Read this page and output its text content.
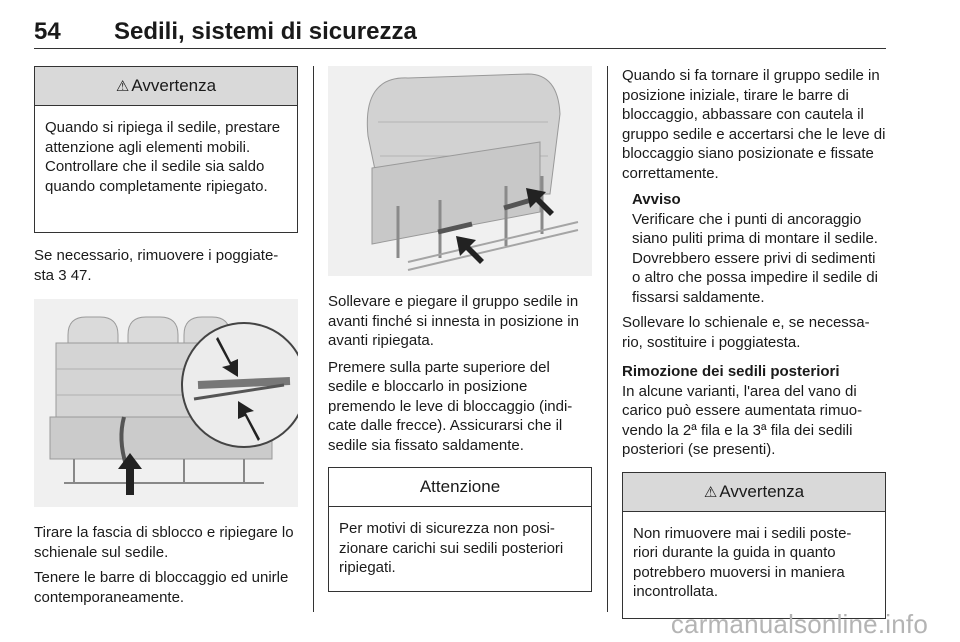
54 Sedili, sistemi di sicurezza
⚠ Avvertenza
Quando si ripiega il sedile, prestare attenzione agli elementi mobili. Controllare che il sedile sia saldo quando completamente ripiegato.

Se necessario, rimuovere i poggiate-sta 3 47.

Tirare la fascia di sblocco e ripiegare lo schienale sul sedile.

Tenere le barre di bloccaggio ed unirle contemporaneamente.

Sollevare e piegare il gruppo sedile in avanti finché si innesta in posizione in avanti ripiegata.

Premere sulla parte superiore del sedile e bloccarlo in posizione premendo le leve di bloccaggio (indi-cate dalle frecce). Assicurarsi che il sedile sia fissato saldamente.

Attenzione
Per motivi di sicurezza non posi-zionare carichi sui sedili posteriori ripiegati.

Quando si fa tornare il gruppo sedile in posizione iniziale, tirare le barre di bloccaggio, abbassare con cautela il gruppo sedile e accertarsi che le leve di bloccaggio siano posizionate e fissate correttamente.

Avviso

Verificare che i punti di ancoraggio siano puliti prima di montare il sedile. Dovrebbero essere privi di sedimenti o altro che possa impedire il sedile di fissarsi saldamente.

Sollevare lo schienale e, se necessa-rio, sostituire i poggiatesta.

Rimozione dei sedili posteriori

In alcune varianti, l'area del vano di carico può essere aumentata rimuo-vendo la 2ª fila e la 3ª fila dei sedili posteriori (se presenti).

⚠ Avvertenza
Non rimuovere mai i sedili poste-riori durante la guida in quanto potrebbero muoversi in maniera incontrollata.
carmanualsonline.info
